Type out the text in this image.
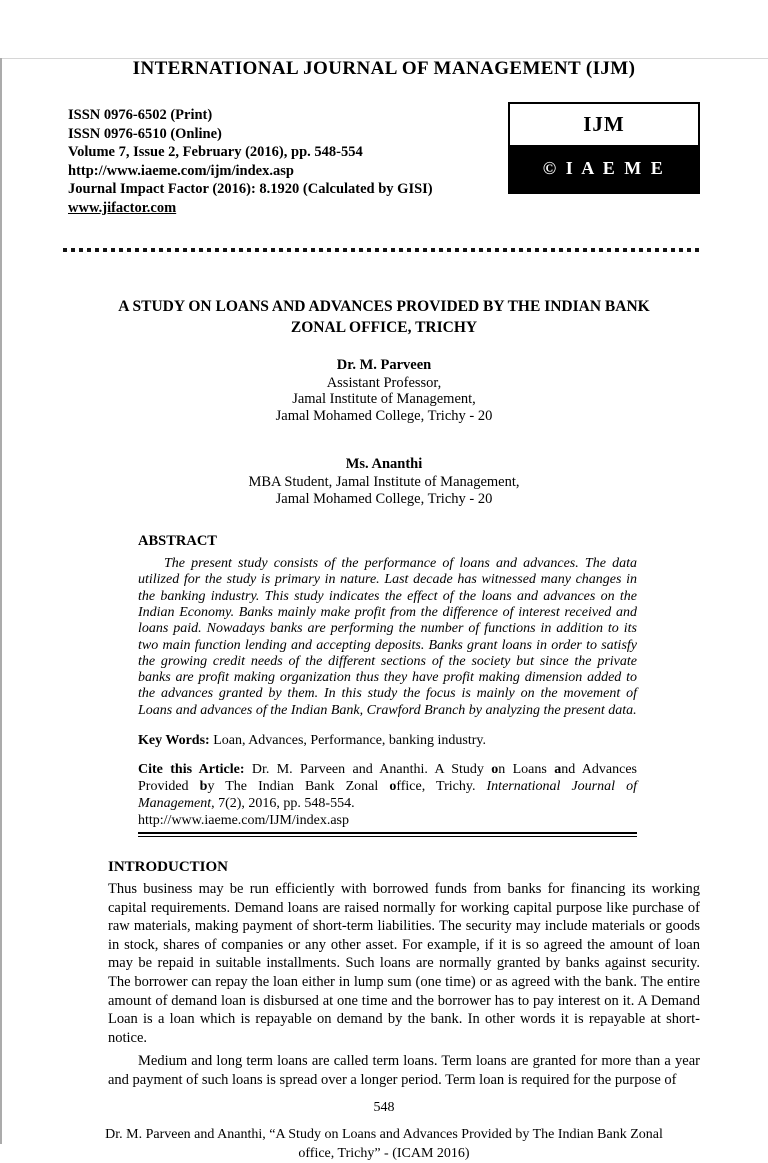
INTERNATIONAL JOURNAL OF MANAGEMENT (IJM)
ISSN 0976-6502 (Print)
ISSN 0976-6510 (Online)
Volume 7, Issue 2, February (2016), pp. 548-554
http://www.iaeme.com/ijm/index.asp
Journal Impact Factor (2016): 8.1920 (Calculated by GISI)
www.jifactor.com
IJM
© I A E M E
A STUDY ON LOANS AND ADVANCES PROVIDED BY THE INDIAN BANK ZONAL OFFICE, TRICHY
Dr. M. Parveen
Assistant Professor,
Jamal Institute of Management,
Jamal Mohamed College, Trichy - 20
Ms. Ananthi
MBA Student, Jamal Institute of Management,
Jamal Mohamed College, Trichy - 20
ABSTRACT

The present study consists of the performance of loans and advances. The data utilized for the study is primary in nature. Last decade has witnessed many changes in the banking industry. This study indicates the effect of the loans and advances on the Indian Economy. Banks mainly make profit from the difference of interest received and loans paid. Nowadays banks are performing the number of functions in addition to its two main function lending and accepting deposits. Banks grant loans in order to satisfy the growing credit needs of the different sections of the society but since the private banks are profit making organization thus they have profit making dimension added to the advances granted by them. In this study the focus is mainly on the movement of Loans and advances of the Indian Bank, Crawford Branch by analyzing the present data.

Key Words: Loan, Advances, Performance, banking industry.
Cite this Article: Dr. M. Parveen and Ananthi. A Study on Loans and Advances Provided by The Indian Bank Zonal office, Trichy. International Journal of Management, 7(2), 2016, pp. 548-554.
http://www.iaeme.com/IJM/index.asp
INTRODUCTION

Thus business may be run efficiently with borrowed funds from banks for financing its working capital requirements. Demand loans are raised normally for working capital purpose like purchase of raw materials, making payment of short-term liabilities. The security may include materials or goods in stock, shares of companies or any other asset. For example, if it is so agreed the amount of loan may be repaid in suitable installments. Such loans are normally granted by banks against security. The borrower can repay the loan either in lump sum (one time) or as agreed with the bank. The entire amount of demand loan is disbursed at one time and the borrower has to pay interest on it. A Demand Loan is a loan which is repayable on demand by the bank. In other words it is repayable at short-notice.

Medium and long term loans are called term loans. Term loans are granted for more than a year and payment of such loans is spread over a longer period. Term loan is required for the purpose of

548
Dr. M. Parveen and Ananthi, “A Study on Loans and Advances Provided by The Indian Bank Zonal office, Trichy” - (ICAM 2016)
